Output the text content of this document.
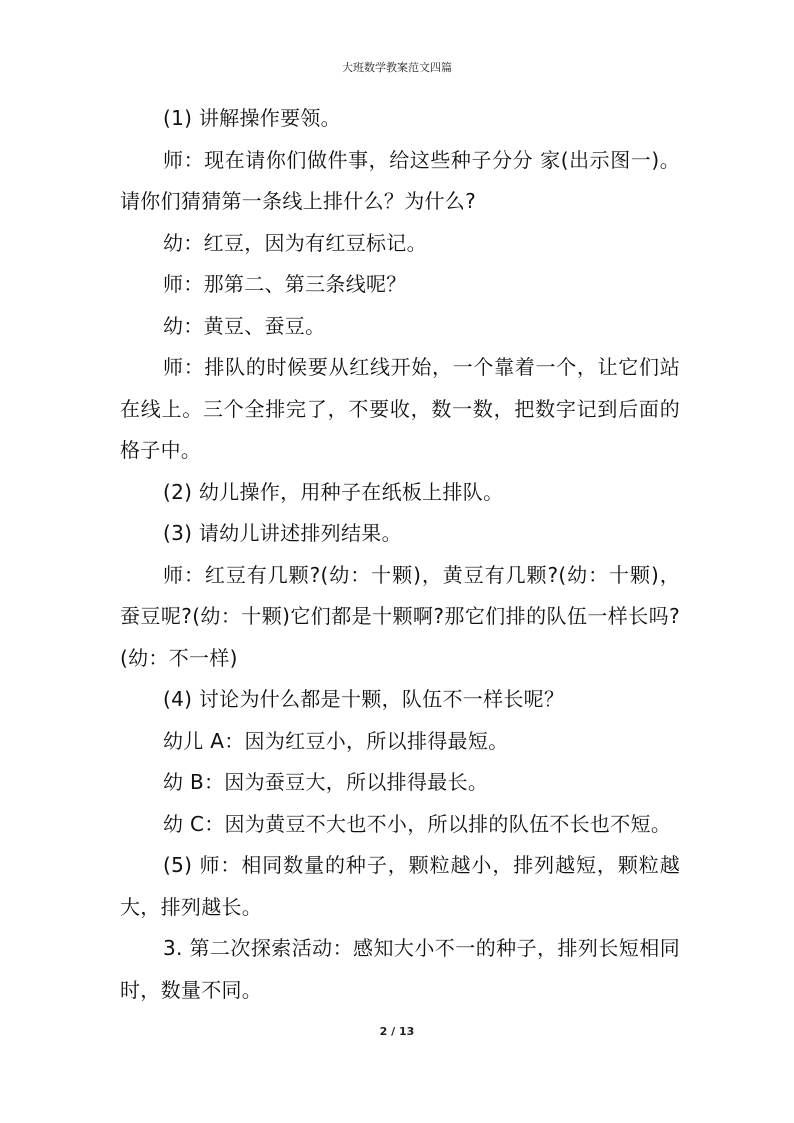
大班数学教案范文四篇

(1) 讲解操作要领。

师：现在请你们做件事，给这些种子分分 家(出示图一)。请你们猜猜第一条线上排什么？为什么?

幼：红豆，因为有红豆标记。

师：那第二、第三条线呢？

幼：黄豆、蚕豆。

师：排队的时候要从红线开始，一个靠着一个，让它们站在线上。三个全排完了，不要收，数一数，把数字记到后面的格子中。

(2) 幼儿操作，用种子在纸板上排队。

(3) 请幼儿讲述排列结果。

师：红豆有几颗?(幼：十颗)，黄豆有几颗?(幼：十颗)，蚕豆呢?(幼：十颗)它们都是十颗啊?那它们排的队伍一样长吗?(幼：不一样)

(4) 讨论为什么都是十颗，队伍不一样长呢？

幼儿 A：因为红豆小，所以排得最短。

幼 B：因为蚕豆大，所以排得最长。

幼 C：因为黄豆不大也不小，所以排的队伍不长也不短。

(5) 师：相同数量的种子，颗粒越小，排列越短，颗粒越大，排列越长。

3. 第二次探索活动：感知大小不一的种子，排列长短相同时，数量不同。

2 / 13
